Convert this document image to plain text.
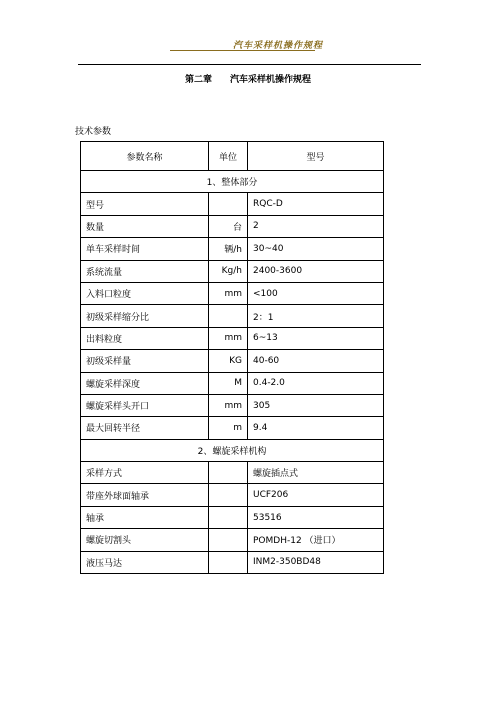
汽车采样机操作规程
第二章 汽车采样机操作规程
技术参数
参数名称	单位	型号
1、整体部分		
型号		RQC-D
数量	台	2
单车采样时间	辆/h	30~40
系统流量	Kg/h	2400-3600
入料口粒度	mm	<100
初级采样缩分比		2：1
出料粒度	mm	6~13
初级采样量	KG	40-60
螺旋采样深度	M	0.4-2.0
螺旋采样头开口	mm	305
最大回转半径	m	9.4
2、螺旋采样机构		
采样方式		螺旋插点式
带座外球面轴承		UCF206
轴承		53516
螺旋切割头		POMDH-12 （进口）
液压马达		INM2-350BD48
